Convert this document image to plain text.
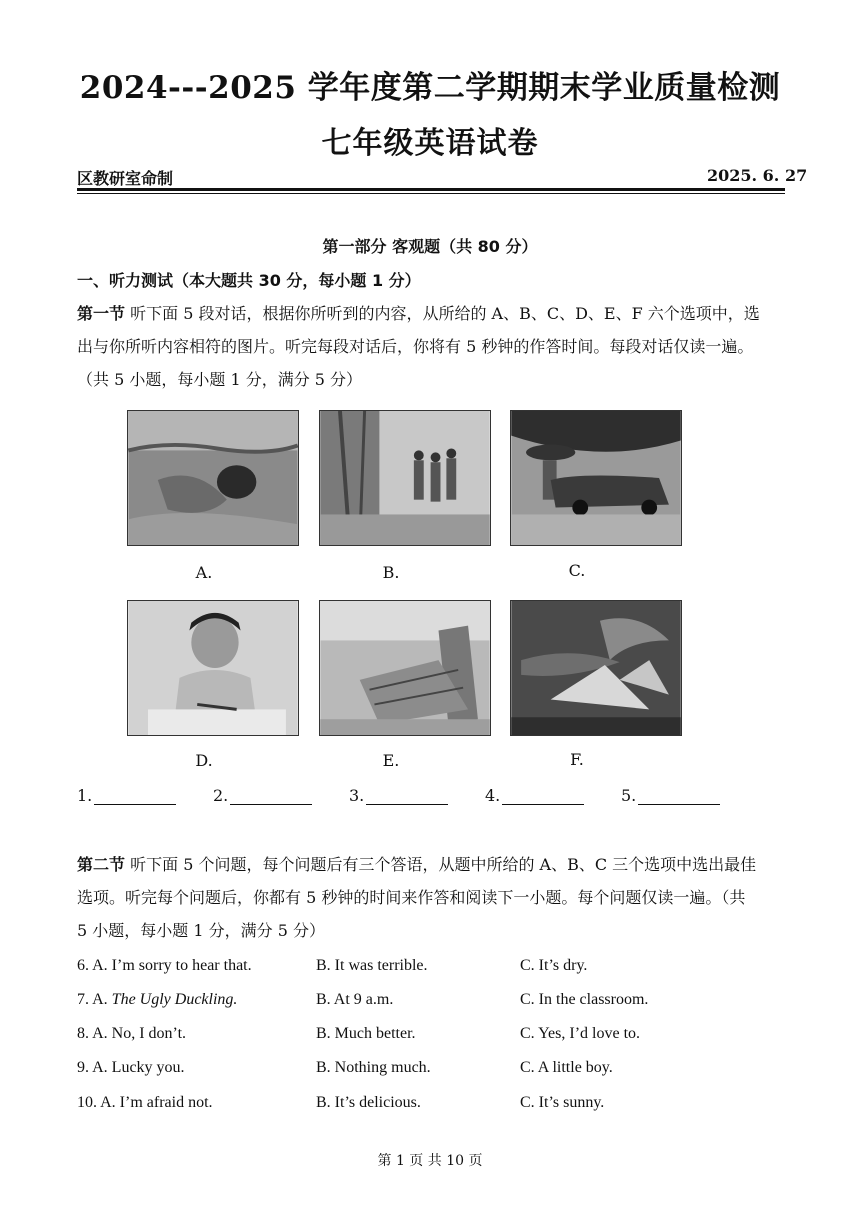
2024---2025 学年度第二学期期末学业质量检测
七年级英语试卷
区教研室命制	2025. 6. 27
第一部分 客观题（共 80 分）
一、听力测试（本大题共 30 分，每小题 1 分）
第一节 听下面 5 段对话，根据你所听到的内容，从所给的 A、B、C、D、E、F 六个选项中，选
出与你所听内容相符的图片。听完每段对话后，你将有 5 秒钟的作答时间。每段对话仅读一遍。
（共 5 小题，每小题 1 分，满分 5 分）
A.	B.	C.
D.	E.	F.
1.	2.	3.	4.	5.
第二节 听下面 5 个问题，每个问题后有三个答语，从题中所给的 A、B、C 三个选项中选出最佳
选项。听完每个问题后，你都有 5 秒钟的时间来作答和阅读下一小题。每个问题仅读一遍。（共
5 小题，每小题 1 分，满分 5 分）
6. A. I’m sorry to hear that.	B. It was terrible.	C. It’s dry.
7. A. The Ugly Duckling.	B. At 9 a.m.	C. In the classroom.
8. A. No, I don’t.	B. Much better.	C. Yes, I’d love to.
9. A. Lucky you.	B. Nothing much.	C. A little boy.
10. A. I’m afraid not.	B. It’s delicious.	C. It’s sunny.
第 1 页 共 10 页
